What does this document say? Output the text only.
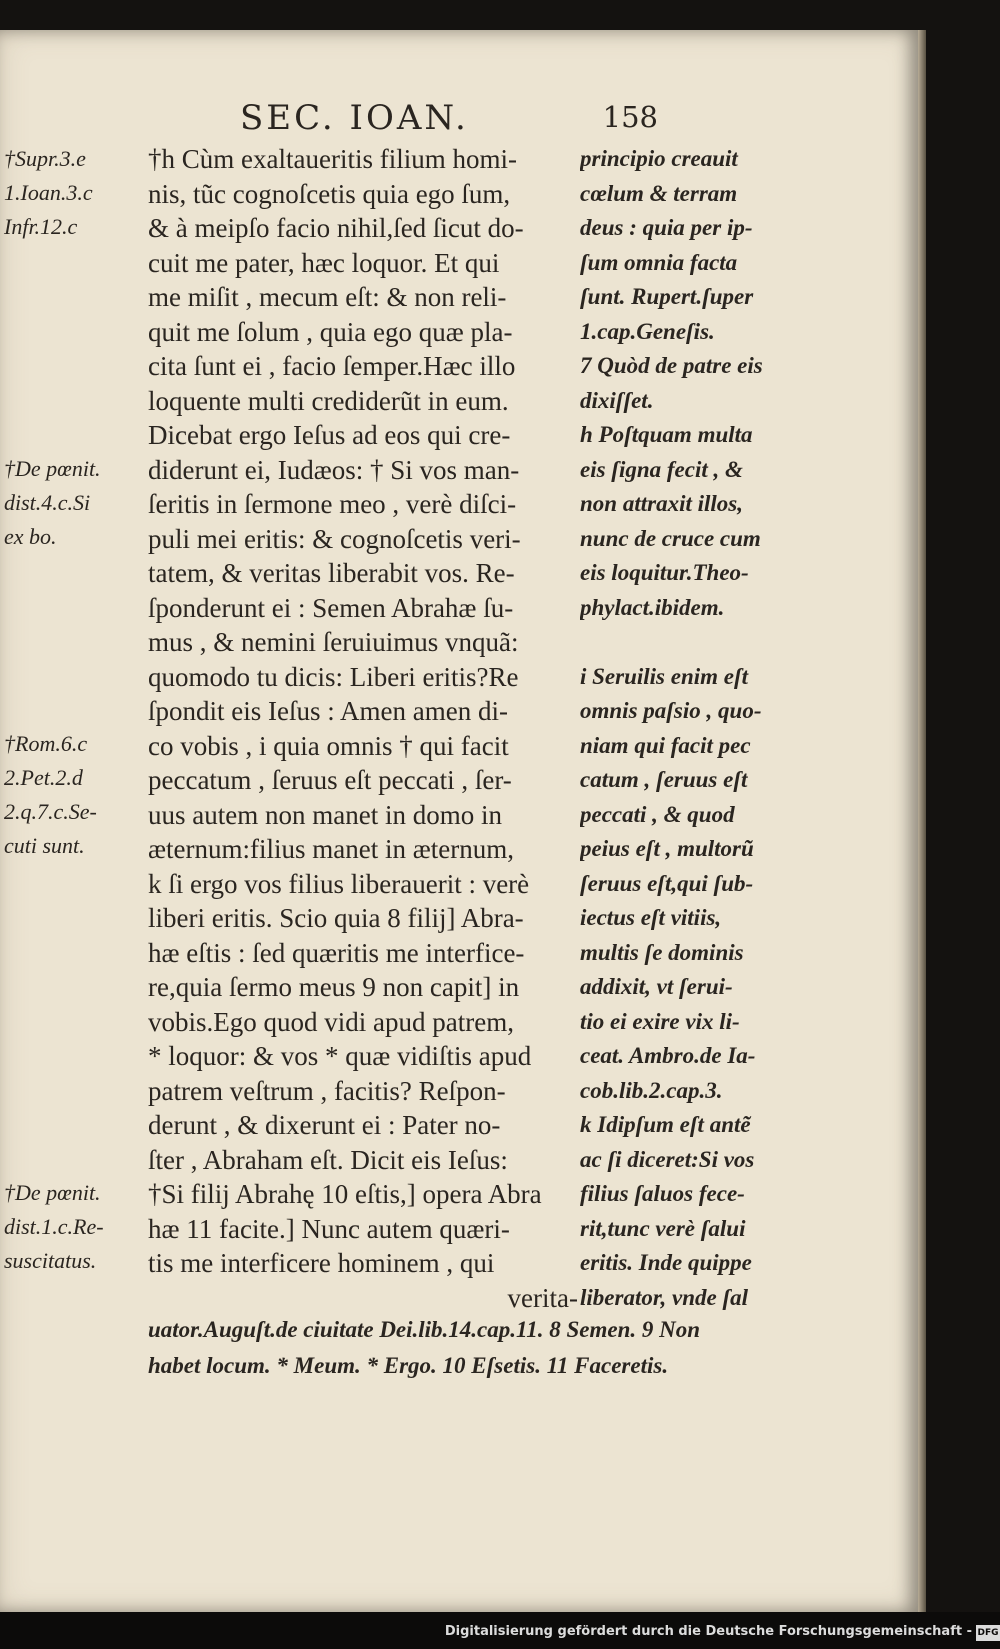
SEC. IOAN.	158
†Supr.3.e
1.Ioan.3.c
Infr.12.c
†De pœnit.
dist.4.c.Si
ex bo.
†Rom.6.c
2.Pet.2.d
2.q.7.c.Se-
cuti sunt.
†De pœnit.
dist.1.c.Re-
suscitatus.
†h Cùm exaltaueritis filium homi-
nis, tũc cognoſcetis quia ego ſum,
& à meipſo facio nihil,ſed ſicut do-
cuit me pater, hæc loquor. Et qui
me miſit , mecum eſt: & non reli-
quit me ſolum , quia ego quæ pla-
cita ſunt ei , facio ſemper.Hæc illo
loquente multi crediderũt in eum.
Dicebat ergo Ieſus ad eos qui cre-
diderunt ei, Iudæos: † Si vos man-
ſeritis in ſermone meo , verè diſci-
puli mei eritis: & cognoſcetis veri-
tatem, & veritas liberabit vos. Re-
ſponderunt ei : Semen Abrahæ ſu-
mus , & nemini ſeruiuimus vnquã:
quomodo tu dicis: Liberi eritis?Re
ſpondit eis Ieſus : Amen amen di-
co vobis , i quia omnis † qui facit
peccatum , ſeruus eſt peccati , ſer-
uus autem non manet in domo in
æternum:filius manet in æternum,
k ſi ergo vos filius liberauerit : verè
liberi eritis. Scio quia 8 filij] Abra-
hæ eſtis : ſed quæritis me interfice-
re,quia ſermo meus 9 non capit] in
vobis.Ego quod vidi apud patrem,
* loquor: & vos * quæ vidiſtis apud
patrem veſtrum , facitis? Reſpon-
derunt , & dixerunt ei : Pater no-
ſter , Abraham eſt. Dicit eis Ieſus:
†Si filij Abrahę 10 eſtis,] opera Abra
hæ 11 facite.] Nunc autem quæri-
tis me interficere hominem , qui
verita-
principio creauit
cœlum & terram
deus : quia per ip-
ſum omnia facta
ſunt. Rupert.ſuper
1.cap.Geneſis.
7 Quòd de patre eis
dixiſſet.
h Poſtquam multa
eis ſigna fecit , &
non attraxit illos,
nunc de cruce cum
eis loquitur.Theo-
phylact.ibidem.
i Seruilis enim eſt
omnis paſsio , quo-
niam qui facit pec
catum , ſeruus eſt
peccati , & quod
peius eſt , multorũ
ſeruus eſt,qui ſub-
iectus eſt vitiis,
multis ſe dominis
addixit, vt ſerui-
tio ei exire vix li-
ceat. Ambro.de Ia-
cob.lib.2.cap.3.
k Idipſum eſt antẽ
ac ſi diceret:Si vos
filius ſaluos fece-
rit,tunc verè ſalui
eritis. Inde quippe
liberator, vnde ſal
uator.Auguſt.de ciuitate Dei.lib.14.cap.11. 8 Semen. 9 Non
habet locum. * Meum. * Ergo. 10 Eſsetis. 11 Faceretis.
Digitalisierung gefördert durch die Deutsche Forschungsgemeinschaft - DFG
